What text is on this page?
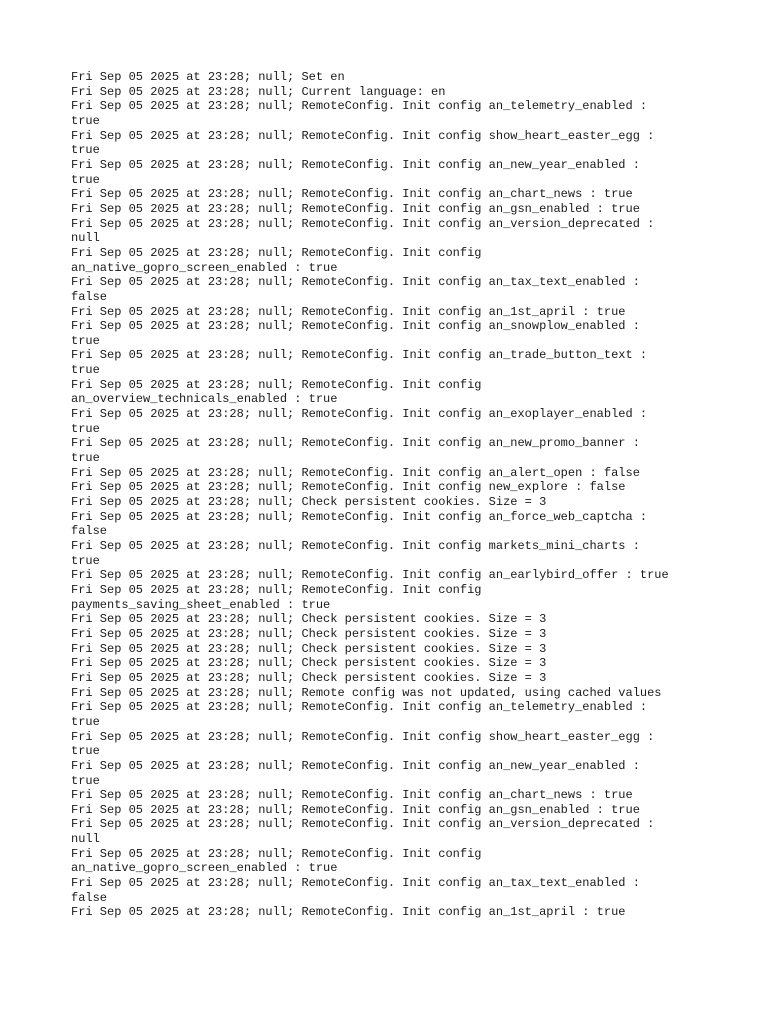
Fri Sep 05 2025 at 23:28; null; Set en
Fri Sep 05 2025 at 23:28; null; Current language: en
Fri Sep 05 2025 at 23:28; null; RemoteConfig. Init config an_telemetry_enabled :
true
Fri Sep 05 2025 at 23:28; null; RemoteConfig. Init config show_heart_easter_egg :
true
Fri Sep 05 2025 at 23:28; null; RemoteConfig. Init config an_new_year_enabled :
true
Fri Sep 05 2025 at 23:28; null; RemoteConfig. Init config an_chart_news : true
Fri Sep 05 2025 at 23:28; null; RemoteConfig. Init config an_gsn_enabled : true
Fri Sep 05 2025 at 23:28; null; RemoteConfig. Init config an_version_deprecated :
null
Fri Sep 05 2025 at 23:28; null; RemoteConfig. Init config
an_native_gopro_screen_enabled : true
Fri Sep 05 2025 at 23:28; null; RemoteConfig. Init config an_tax_text_enabled :
false
Fri Sep 05 2025 at 23:28; null; RemoteConfig. Init config an_1st_april : true
Fri Sep 05 2025 at 23:28; null; RemoteConfig. Init config an_snowplow_enabled :
true
Fri Sep 05 2025 at 23:28; null; RemoteConfig. Init config an_trade_button_text :
true
Fri Sep 05 2025 at 23:28; null; RemoteConfig. Init config
an_overview_technicals_enabled : true
Fri Sep 05 2025 at 23:28; null; RemoteConfig. Init config an_exoplayer_enabled :
true
Fri Sep 05 2025 at 23:28; null; RemoteConfig. Init config an_new_promo_banner :
true
Fri Sep 05 2025 at 23:28; null; RemoteConfig. Init config an_alert_open : false
Fri Sep 05 2025 at 23:28; null; RemoteConfig. Init config new_explore : false
Fri Sep 05 2025 at 23:28; null; Check persistent cookies. Size = 3
Fri Sep 05 2025 at 23:28; null; RemoteConfig. Init config an_force_web_captcha :
false
Fri Sep 05 2025 at 23:28; null; RemoteConfig. Init config markets_mini_charts :
true
Fri Sep 05 2025 at 23:28; null; RemoteConfig. Init config an_earlybird_offer : true
Fri Sep 05 2025 at 23:28; null; RemoteConfig. Init config
payments_saving_sheet_enabled : true
Fri Sep 05 2025 at 23:28; null; Check persistent cookies. Size = 3
Fri Sep 05 2025 at 23:28; null; Check persistent cookies. Size = 3
Fri Sep 05 2025 at 23:28; null; Check persistent cookies. Size = 3
Fri Sep 05 2025 at 23:28; null; Check persistent cookies. Size = 3
Fri Sep 05 2025 at 23:28; null; Check persistent cookies. Size = 3
Fri Sep 05 2025 at 23:28; null; Remote config was not updated, using cached values
Fri Sep 05 2025 at 23:28; null; RemoteConfig. Init config an_telemetry_enabled :
true
Fri Sep 05 2025 at 23:28; null; RemoteConfig. Init config show_heart_easter_egg :
true
Fri Sep 05 2025 at 23:28; null; RemoteConfig. Init config an_new_year_enabled :
true
Fri Sep 05 2025 at 23:28; null; RemoteConfig. Init config an_chart_news : true
Fri Sep 05 2025 at 23:28; null; RemoteConfig. Init config an_gsn_enabled : true
Fri Sep 05 2025 at 23:28; null; RemoteConfig. Init config an_version_deprecated :
null
Fri Sep 05 2025 at 23:28; null; RemoteConfig. Init config
an_native_gopro_screen_enabled : true
Fri Sep 05 2025 at 23:28; null; RemoteConfig. Init config an_tax_text_enabled :
false
Fri Sep 05 2025 at 23:28; null; RemoteConfig. Init config an_1st_april : true
